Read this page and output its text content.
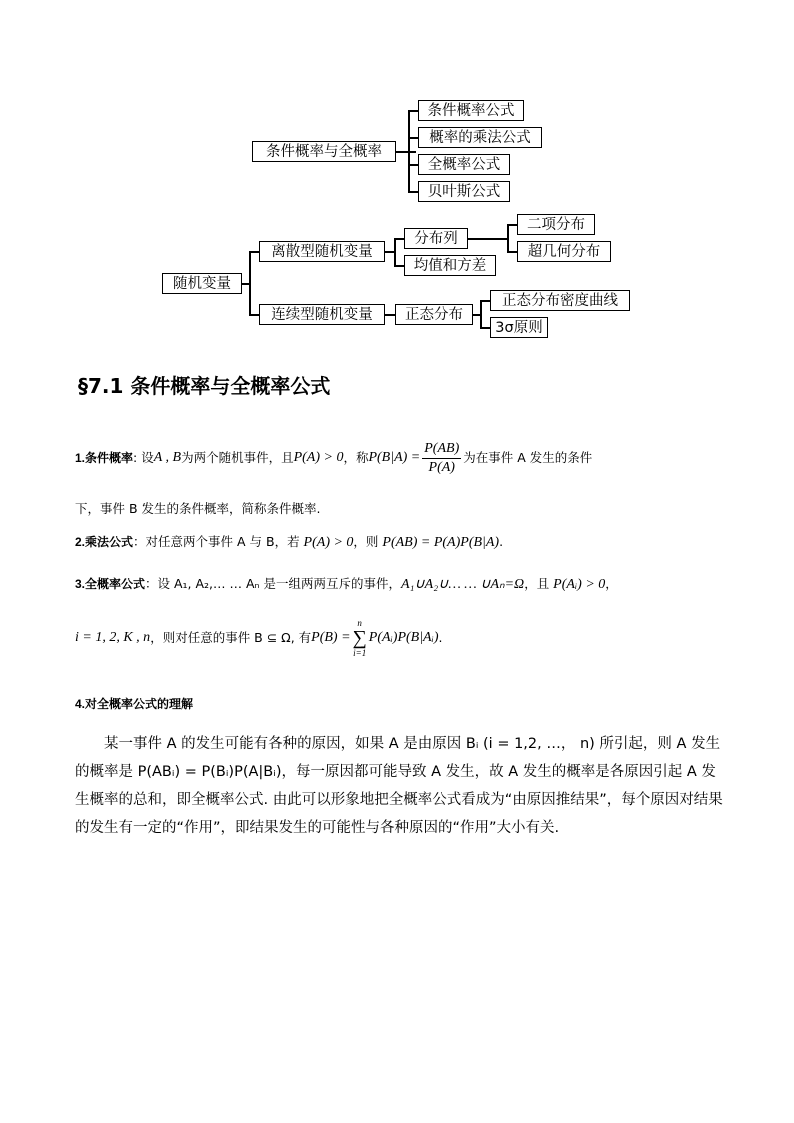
条件概率与全概率
条件概率公式
概率的乘法公式
全概率公式
贝叶斯公式
随机变量
离散型随机变量
分布列
均值和方差
二项分布
超几何分布
连续型随机变量	正态分布
正态分布密度曲线
3σ原则
§7.1 条件概率与全概率公式
1.条件概率 : 设 A , B 为两个随机事件，且 P(A) > 0 ，称 $P(B|A) = \frac{P(AB)}{P(A)}$ 为在事件 A 发生的条件
下，事件 B 发生的条件概率，简称条件概率.
2.乘法公式：对任意两个事件 A 与 B，若 P(A) > 0，则 P(AB) = P(A)P(B|A).
3.全概率公式：设 A₁, A₂,… … Aₙ 是一组两两互斥的事件，A₁∪A₂∪… … ∪Aₙ=Ω，且 P(Aᵢ) > 0，
i = 1, 2, K , n ，则对任意的事件 B ⊆ Ω, 有 P(B) =
n
∑
i=1
P(Aᵢ)P(B|Aᵢ) .
4.对全概率公式的理解

某一事件 A 的发生可能有各种的原因，如果 A 是由原因 Bᵢ (i = 1,2, …， n) 所引起，则 A 发生的概率是 P(ABᵢ) = P(Bᵢ)P(A|Bᵢ)，每一原因都可能导致 A 发生，故 A 发生的概率是各原因引起 A 发生概率的总和，即全概率公式. 由此可以形象地把全概率公式看成为“由原因推结果”，每个原因对结果的发生有一定的“作用”，即结果发生的可能性与各种原因的“作用”大小有关.
